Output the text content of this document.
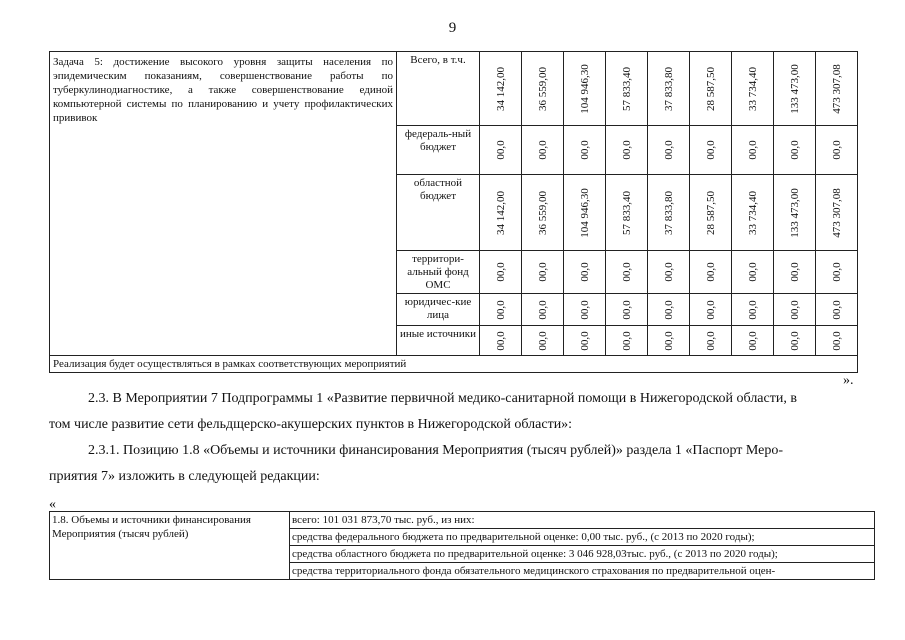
9
Задача 5: достижение высокого уровня защиты населения по эпидемическим показаниям, совершенствование работы по туберкулинодиагностике, а также совершенствование единой компьютерной системы по планированию и учету профилактических прививок	Всего, в т.ч.	34 142,00	36 559,00	104 946,30	57 833,40	37 833,80	28 587,50	33 734,40	133 473,00	473 307,08

	федераль-ный бюджет	00,0	00,0	00,0	00,0	00,0	00,0	00,0	00,0	00,0

	областной бюджет	34 142,00	36 559,00	104 946,30	57 833,40	37 833,80	28 587,50	33 734,40	133 473,00	473 307,08

	территори-альный фонд ОМС	00,0	00,0	00,0	00,0	00,0	00,0	00,0	00,0	00,0

	юридичес-кие лица	00,0	00,0	00,0	00,0	00,0	00,0	00,0	00,0	00,0

	иные источники	00,0	00,0	00,0	00,0	00,0	00,0	00,0	00,0	00,0

Реализация будет осуществляться в рамках соответствующих мероприятий										
».
2.3. В Мероприятии 7 Подпрограммы 1 «Развитие первичной медико-санитарной помощи в Нижегородской области, в
том числе развитие сети фельдщерско-акушерских пунктов в Нижегородской области»:
2.3.1. Позицию 1.8 «Объемы и источники финансирования Мероприятия (тысяч рублей)» раздела 1 «Паспорт Меро-
приятия 7» изложить в следующей редакции:
«
1.8. Объемы и источники финансирования Мероприятия (тысяч рублей)	всего: 101 031 873,70 тыс. руб., из них:
средства федерального бюджета по предварительной оценке: 0,00 тыс. руб., (с 2013 по 2020 годы);
средства областного бюджета по предварительной оценке: 3 046 928,03тыс. руб., (с 2013 по 2020 годы);
средства территориального фонда обязательного медицинского страхования по предварительной оцен-
